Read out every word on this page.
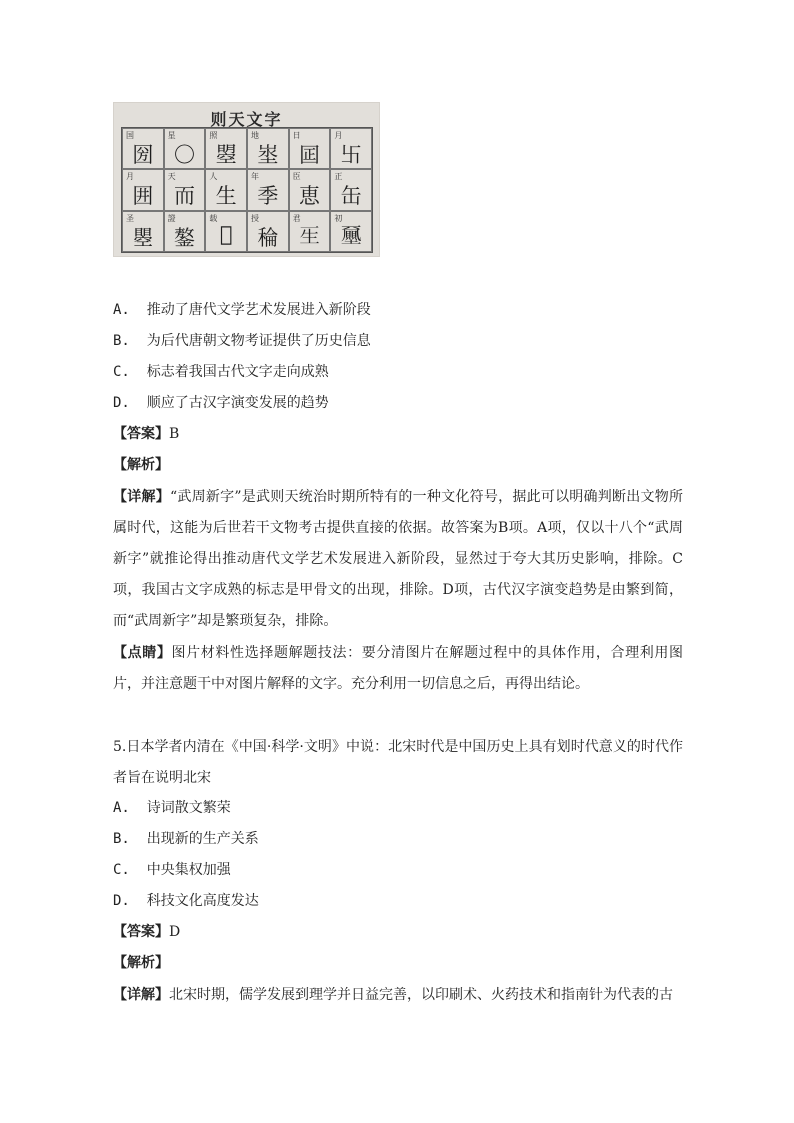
则天文字
国
圀
星
〇
照
曌
地
埊
日
囸
月
卐
月
囲
天
而
人
生
年
季
臣
恵
正
缶
圣
瞾
證
鏊
载
𠁈
授
稐
君
𤯔
初
𡔈
A. 推动了唐代文学艺术发展进入新阶段
B. 为后代唐朝文物考证提供了历史信息
C. 标志着我国古代文字走向成熟
D. 顺应了古汉字演变发展的趋势
【答案】B
【解析】
【详解】“武周新字”是武则天统治时期所特有的一种文化符号，据此可以明确判断出文物所属时代，这能为后世若干文物考古提供直接的依据。故答案为B项。A项，仅以十八个“武周新字”就推论得出推动唐代文学艺术发展进入新阶段，显然过于夸大其历史影响，排除。C项，我国古文字成熟的标志是甲骨文的出现，排除。D项，古代汉字演变趋势是由繁到简，而“武周新字”却是繁琐复杂，排除。
【点睛】图片材料性选择题解题技法：要分清图片在解题过程中的具体作用，合理利用图片，并注意题干中对图片解释的文字。充分利用一切信息之后，再得出结论。
5.日本学者内清在《中国·科学·文明》中说：北宋时代是中国历史上具有划时代意义的时代作者旨在说明北宋
A. 诗词散文繁荣
B. 出现新的生产关系
C. 中央集权加强
D. 科技文化高度发达
【答案】D
【解析】
【详解】北宋时期，儒学发展到理学并日益完善，以印刷术、火药技术和指南针为代表的古
